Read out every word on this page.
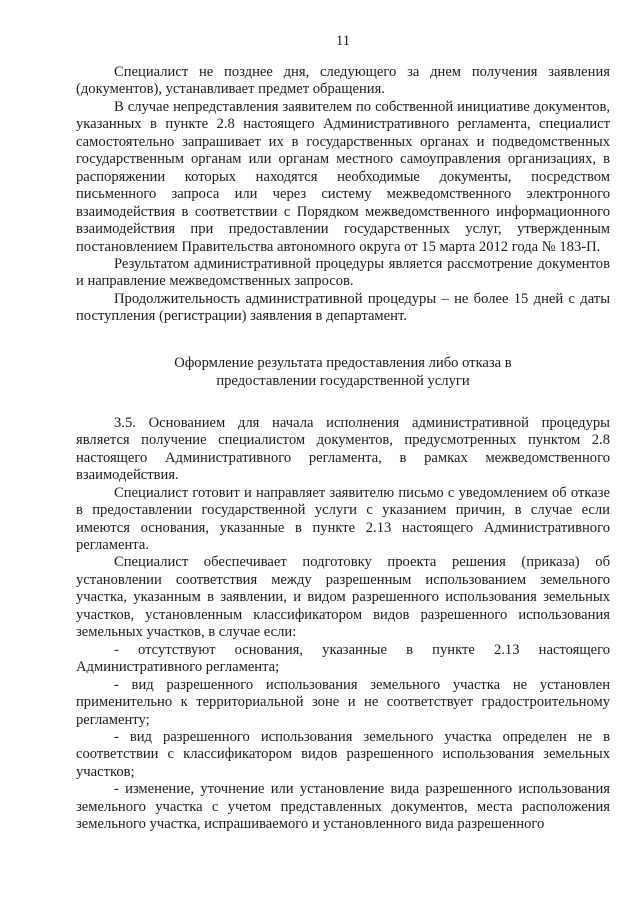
11

Специалист не позднее дня, следующего за днем получения заявления (документов), устанавливает предмет обращения.

В случае непредставления заявителем по собственной инициативе документов, указанных в пункте 2.8 настоящего Административного регламента, специалист самостоятельно запрашивает их в государственных органах и подведомственных государственным органам или органам местного самоуправления организациях, в распоряжении которых находятся необходимые документы, посредством письменного запроса или через систему межведомственного электронного взаимодействия в соответствии с Порядком межведомственного информационного взаимодействия при предоставлении государственных услуг, утвержденным постановлением Правительства автономного округа от 15 марта 2012 года № 183-П.

Результатом административной процедуры является рассмотрение документов и направление межведомственных запросов.

Продолжительность административной процедуры – не более 15 дней с даты поступления (регистрации) заявления в департамент.

Оформление результата предоставления либо отказа в
предоставлении государственной услуги

3.5. Основанием для начала исполнения административной процедуры является получение специалистом документов, предусмотренных пунктом 2.8 настоящего Административного регламента, в рамках межведомственного взаимодействия.

Специалист готовит и направляет заявителю письмо с уведомлением об отказе в предоставлении государственной услуги с указанием причин, в случае если имеются основания, указанные в пункте 2.13 настоящего Административного регламента.

Специалист обеспечивает подготовку проекта решения (приказа) об установлении соответствия между разрешенным использованием земельного участка, указанным в заявлении, и видом разрешенного использования земельных участков, установленным классификатором видов разрешенного использования земельных участков, в случае если:

- отсутствуют основания, указанные в пункте 2.13 настоящего Административного регламента;

- вид разрешенного использования земельного участка не установлен применительно к территориальной зоне и не соответствует градостроительному регламенту;

- вид разрешенного использования земельного участка определен не в соответствии с классификатором видов разрешенного использования земельных участков;

- изменение, уточнение или установление вида разрешенного использования земельного участка с учетом представленных документов, места расположения земельного участка, испрашиваемого и установленного вида разрешенного
